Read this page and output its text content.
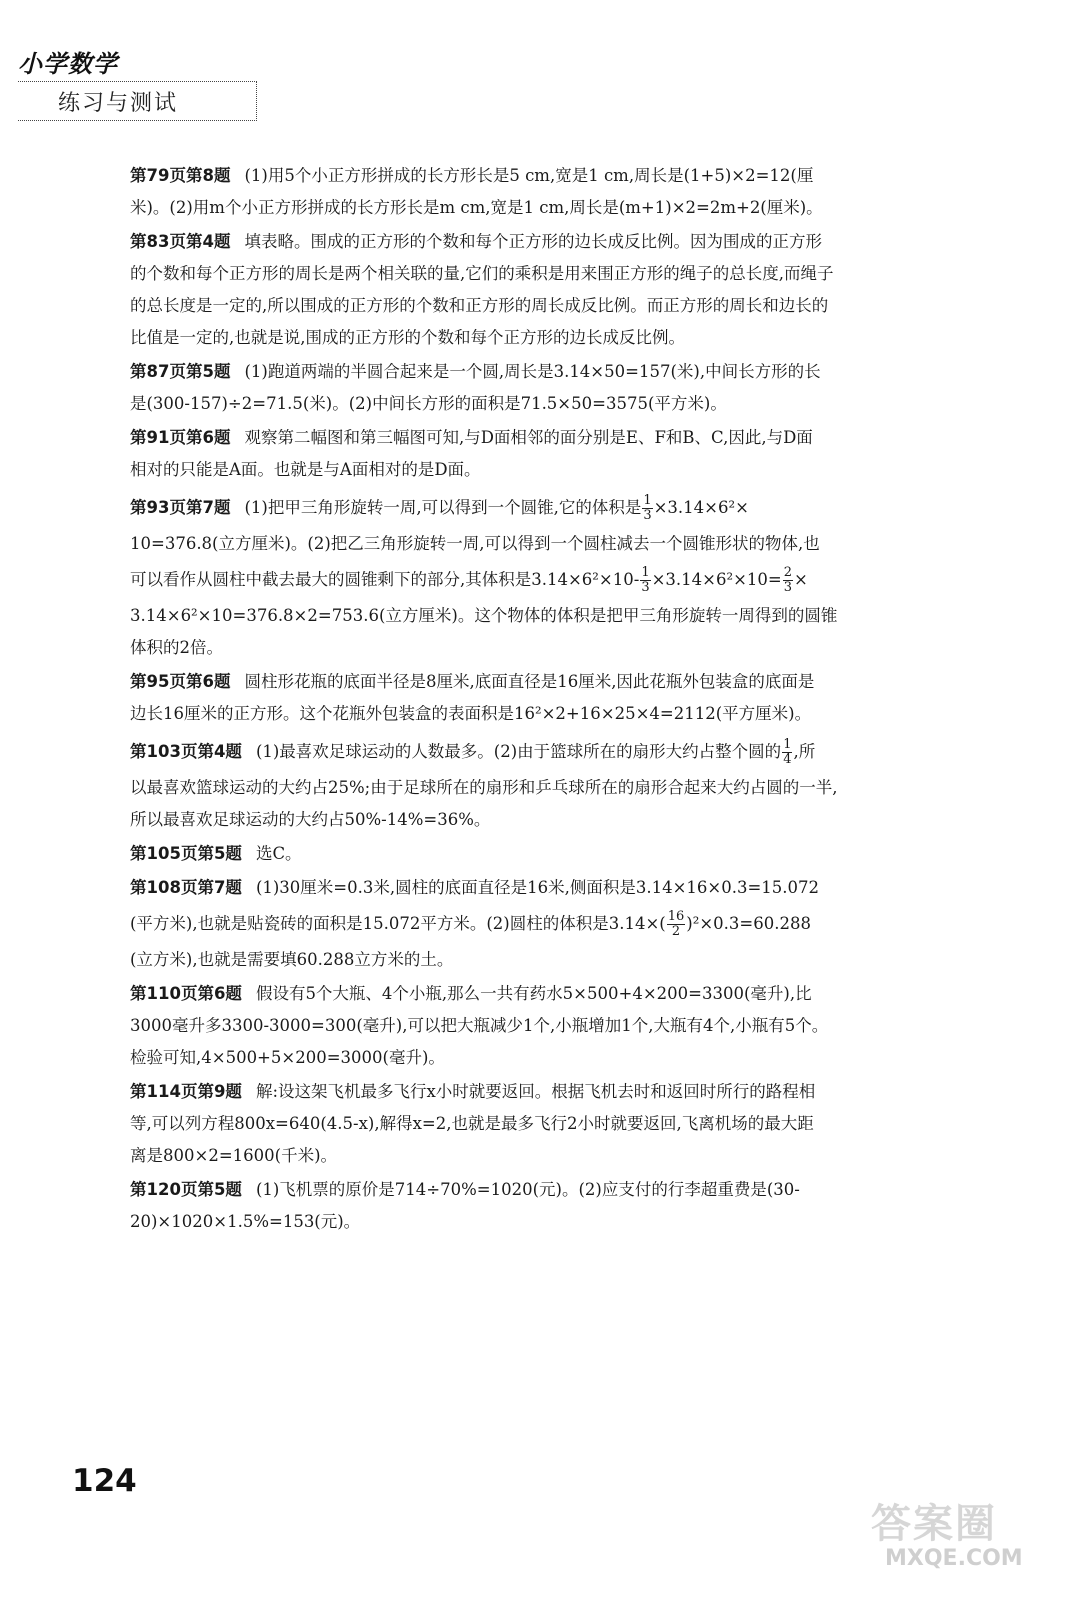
小学数学
练习与测试
第79页第8题 (1)用5个小正方形拼成的长方形长是5 cm,宽是1 cm,周长是(1+5)×2=12(厘
米)。(2)用m个小正方形拼成的长方形长是m cm,宽是1 cm,周长是(m+1)×2=2m+2(厘米)。
第83页第4题 填表略。围成的正方形的个数和每个正方形的边长成反比例。因为围成的正方形
的个数和每个正方形的周长是两个相关联的量,它们的乘积是用来围正方形的绳子的总长度,而绳子
的总长度是一定的,所以围成的正方形的个数和正方形的周长成反比例。而正方形的周长和边长的
比值是一定的,也就是说,围成的正方形的个数和每个正方形的边长成反比例。
第87页第5题 (1)跑道两端的半圆合起来是一个圆,周长是3.14×50=157(米),中间长方形的长
是(300-157)÷2=71.5(米)。(2)中间长方形的面积是71.5×50=3575(平方米)。
第91页第6题 观察第二幅图和第三幅图可知,与D面相邻的面分别是E、F和B、C,因此,与D面
相对的只能是A面。也就是与A面相对的是D面。
第93页第7题 (1)把甲三角形旋转一周,可以得到一个圆锥,它的体积是 $\frac{1}{3} \times 3.14\times 6^2\times$
10=376.8(立方厘米)。(2)把乙三角形旋转一周,可以得到一个圆柱减去一个圆锥形状的物体,也
可以看作从圆柱中截去最大的圆锥剩下的部分,其体积是$3.14\times 6^2\times 10- \frac{1}{3} \times 3.14\times 6^2\times 10= \frac{2}{3}$ ×
3.14×6²×10=376.8×2=753.6(立方厘米)。这个物体的体积是把甲三角形旋转一周得到的圆锥
体积的2倍。
第95页第6题 圆柱形花瓶的底面半径是8厘米,底面直径是16厘米,因此花瓶外包装盒的底面是
边长16厘米的正方形。这个花瓶外包装盒的表面积是16²×2+16×25×4=2112(平方厘米)。
第103页第4题 (1)最喜欢足球运动的人数最多。(2)由于篮球所在的扇形大约占整个圆的 $\frac{1}{4}$ ,所
以最喜欢篮球运动的大约占25%;由于足球所在的扇形和乒乓球所在的扇形合起来大约占圆的一半,
所以最喜欢足球运动的大约占50%-14%=36%。
第105页第5题 选C。
第108页第7题 (1)30厘米=0.3米,圆柱的底面直径是16米,侧面积是3.14×16×0.3=15.072
(平方米),也就是贴瓷砖的面积是15.072平方米。(2)圆柱的体积是$3.14\times( \frac{16}{2} )^2\times 0.3=60.288$
(立方米),也就是需要填60.288立方米的土。
第110页第6题 假设有5个大瓶、4个小瓶,那么一共有药水5×500+4×200=3300(毫升),比
3000毫升多3300-3000=300(毫升),可以把大瓶减少1个,小瓶增加1个,大瓶有4个,小瓶有5个。
检验可知,4×500+5×200=3000(毫升)。
第114页第9题 解:设这架飞机最多飞行x小时就要返回。根据飞机去时和返回时所行的路程相
等,可以列方程800x=640(4.5-x),解得x=2,也就是最多飞行2小时就要返回,飞离机场的最大距
离是800×2=1600(千米)。
第120页第5题 (1)飞机票的原价是714÷70%=1020(元)。(2)应支付的行李超重费是(30-
20)×1020×1.5%=153(元)。
124
答案圈
MXQE.COM
